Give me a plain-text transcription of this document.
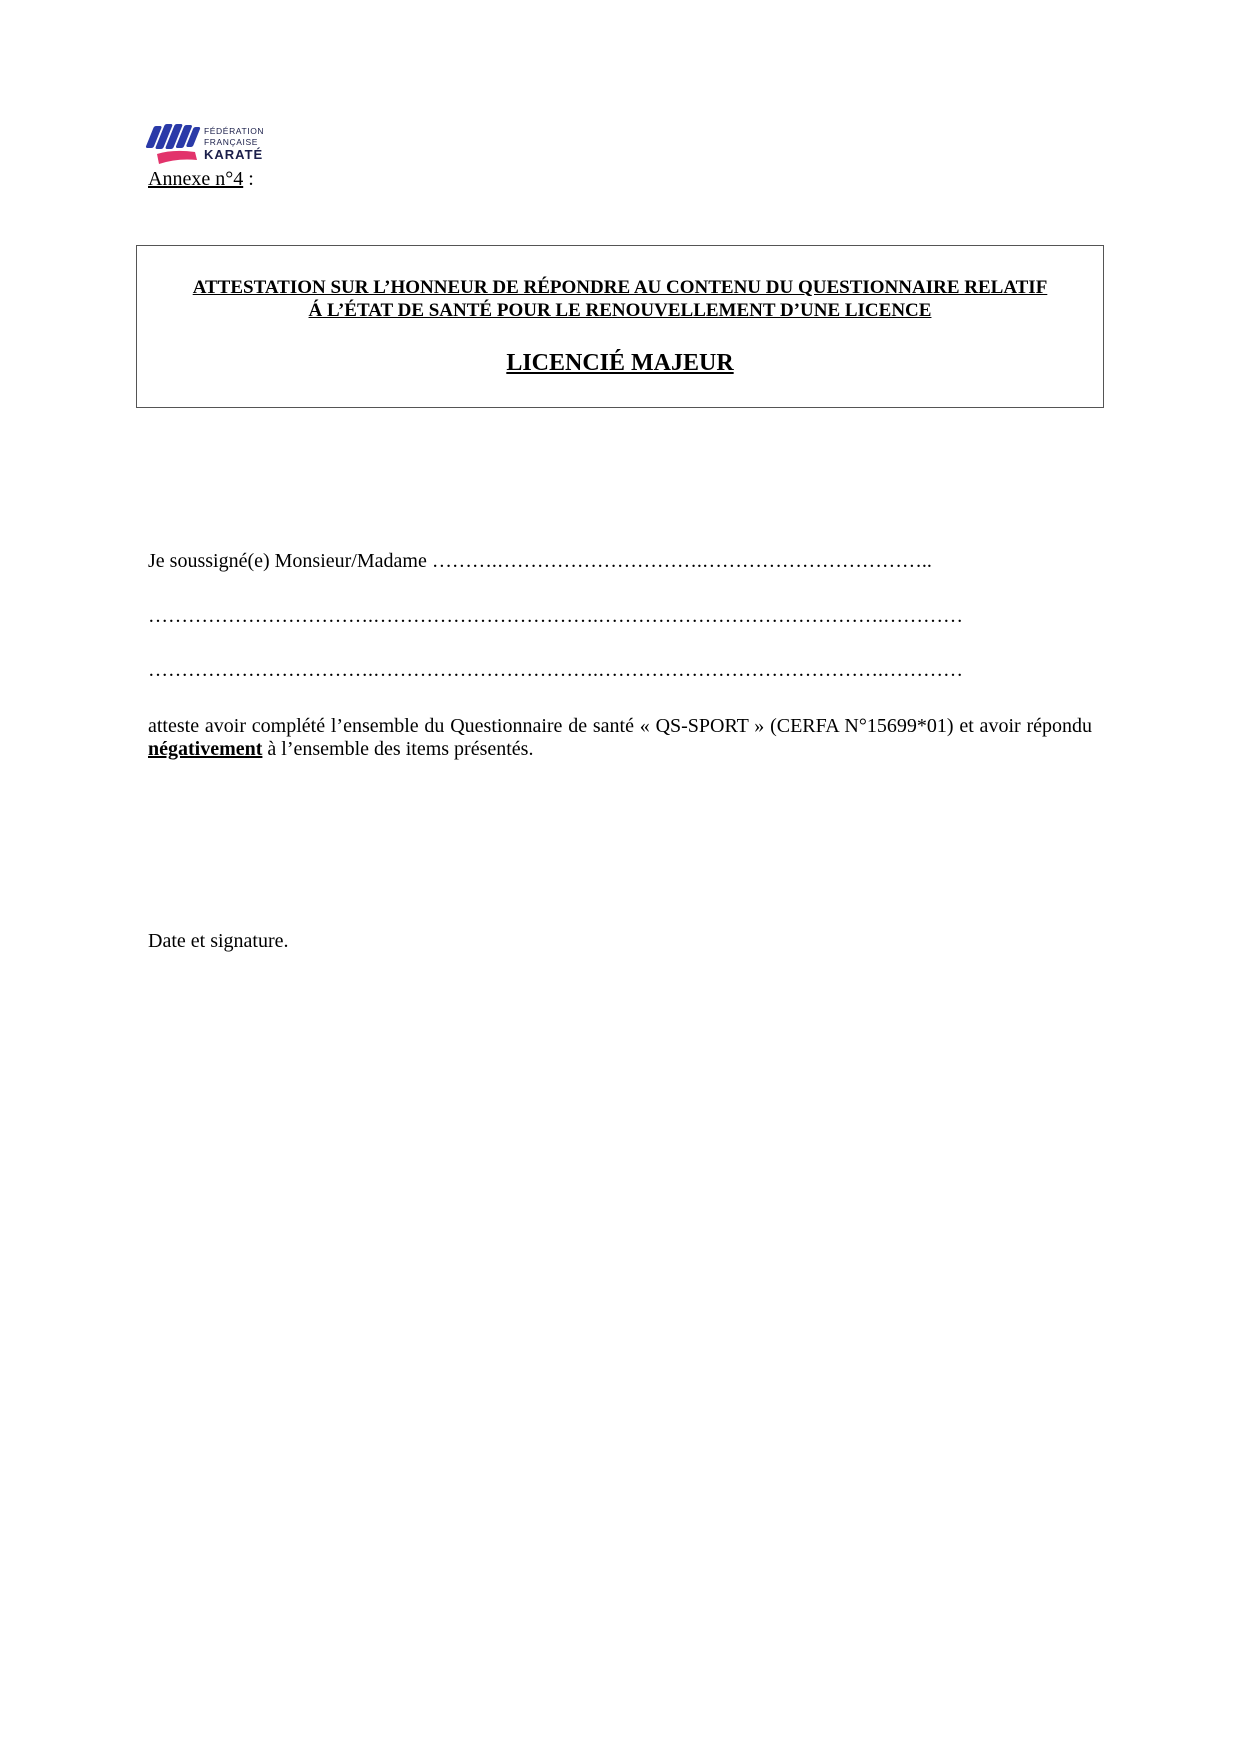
FÉDÉRATION
FRANÇAISE
KARATÉ
Annexe n°4 :
ATTESTATION SUR L’HONNEUR DE RÉPONDRE AU CONTENU DU QUESTIONNAIRE RELATIF
Á L’ÉTAT DE SANTÉ POUR LE RENOUVELLEMENT D’UNE LICENCE
LICENCIÉ MAJEUR
Je soussigné(e) Monsieur/Madame ……….………………………….……………………………..
…………………………….…………………………….…………………………………….…………
…………………………….…………………………….…………………………………….…………
atteste avoir complété l’ensemble du Questionnaire de santé « QS-SPORT » (CERFA N°15699*01) et avoir répondu négativement à l’ensemble des items présentés.
Date et signature.
